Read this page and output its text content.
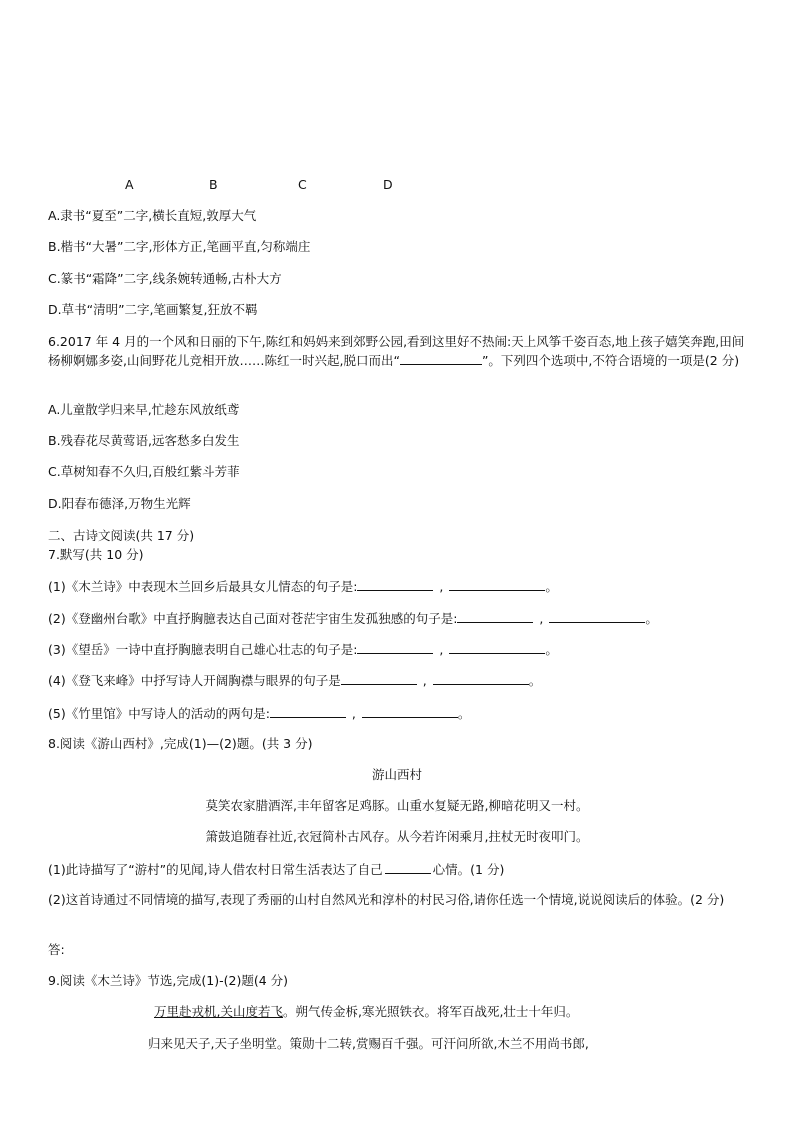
A	B	C	D
A.隶书“夏至”二字,横长直短,敦厚大气
B.楷书“大暑”二字,形体方正,笔画平直,匀称端庄
C.篆书“霜降”二字,线条婉转通畅,古朴大方
D.草书“清明”二字,笔画繁复,狂放不羁
6.2017 年 4 月的一个风和日丽的下午,陈红和妈妈来到郊野公园,看到这里好不热闹:天上风筝千姿百态,地上孩子嬉笑奔跑,田间杨柳婀娜多姿,山间野花儿竞相开放……陈红一时兴起,脱口而出“	”。下列四个选项中,不符合语境的一项是(2 分)
A.儿童散学归来早,忙趁东风放纸鸢
B.残春花尽黄莺语,远客愁多白发生
C.草树知春不久归,百般红紫斗芳菲
D.阳春布德泽,万物生光辉
二、古诗文阅读(共 17 分)
7.默写(共 10 分)
(1)《木兰诗》中表现木兰回乡后最具女儿情态的句子是:	,	。
(2)《登幽州台歌》中直抒胸臆表达自己面对苍茫宇宙生发孤独感的句子是:	,	。
(3)《望岳》一诗中直抒胸臆表明自己雄心壮志的句子是:	,	。
(4)《登飞来峰》中抒写诗人开阔胸襟与眼界的句子是	,	。
(5)《竹里馆》中写诗人的活动的两句是:	,	。
8.阅读《游山西村》,完成(1)—(2)题。(共 3 分)
游山西村
莫笑农家腊酒浑,丰年留客足鸡豚。山重水复疑无路,柳暗花明又一村。
箫鼓追随春社近,衣冠简朴古风存。从今若许闲乘月,拄杖无时夜叩门。
(1)此诗描写了“游村”的见闻,诗人借农村日常生活表达了自己	心情。(1 分)
(2)这首诗通过不同情境的描写,表现了秀丽的山村自然风光和淳朴的村民习俗,请你任选一个情境,说说阅读后的体验。(2 分)
答:
9.阅读《木兰诗》节选,完成(1)-(2)题(4 分)
万里赴戎机,关山度若飞。朔气传金柝,寒光照铁衣。将军百战死,壮士十年归。
归来见天子,天子坐明堂。策勋十二转,赏赐百千强。可汗问所欲,木兰不用尚书郎,
